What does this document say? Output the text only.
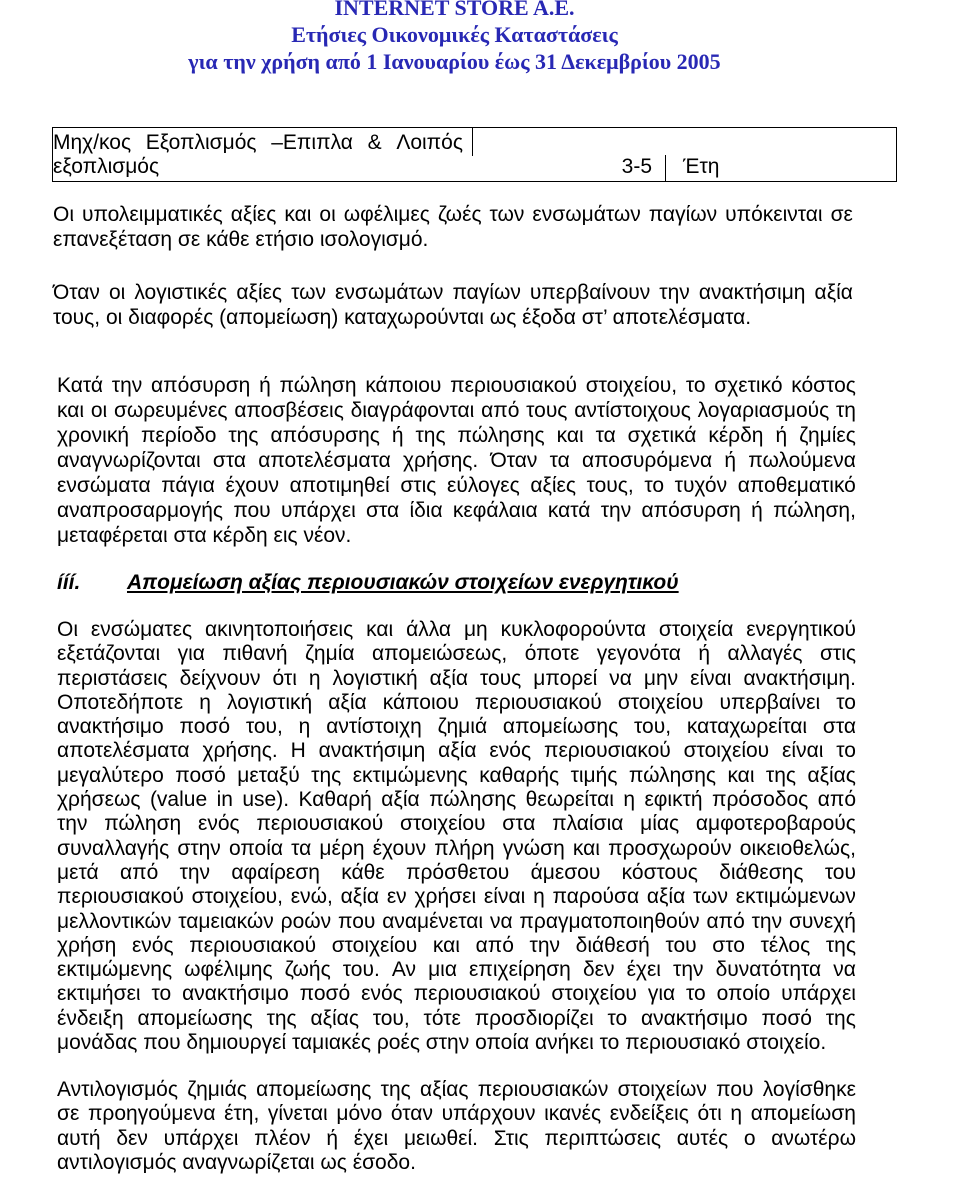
INTERNET STORE A.E.
Ετήσιες Οικονομικές Καταστάσεις
για την χρήση από 1 Ιανουαρίου έως 31 Δεκεμβρίου 2005
Μηχ/κος Εξοπλισμός –Επιπλα & Λοιπός
εξοπλισμός	3-5 Έτη
Οι υπολειμματικές αξίες και οι ωφέλιμες ζωές των ενσωμάτων παγίων υπόκεινται σε
επανεξέταση σε κάθε ετήσιο ισολογισμό.
Όταν οι λογιστικές αξίες των ενσωμάτων παγίων υπερβαίνουν την ανακτήσιμη αξία
τους, οι διαφορές (απομείωση) καταχωρούνται ως έξοδα στ’ αποτελέσματα.
Κατά την απόσυρση ή πώληση κάποιου περιουσιακού στοιχείου, το σχετικό κόστος
και οι σωρευμένες αποσβέσεις διαγράφονται από τους αντίστοιχους λογαριασμούς τη
χρονική περίοδο της απόσυρσης ή της πώλησης και τα σχετικά κέρδη ή ζημίες
αναγνωρίζονται στα αποτελέσματα χρήσης. Όταν τα αποσυρόμενα ή πωλούμενα
ενσώματα πάγια έχουν αποτιμηθεί στις εύλογες αξίες τους, το τυχόν αποθεματικό
αναπροσαρμογής που υπάρχει στα ίδια κεφάλαια κατά την απόσυρση ή πώληση,
μεταφέρεται στα κέρδη εις νέον.
ííí. Απομείωση αξίας περιουσιακών στοιχείων ενεργητικού
Οι ενσώματες ακινητοποιήσεις και άλλα μη κυκλοφορούντα στοιχεία ενεργητικού
εξετάζονται για πιθανή ζημία απομειώσεως, όποτε γεγονότα ή αλλαγές στις
περιστάσεις δείχνουν ότι η λογιστική αξία τους μπορεί να μην είναι ανακτήσιμη.
Οποτεδήποτε η λογιστική αξία κάποιου περιουσιακού στοιχείου υπερβαίνει το
ανακτήσιμο ποσό του, η αντίστοιχη ζημιά απομείωσης του, καταχωρείται στα
αποτελέσματα χρήσης. Η ανακτήσιμη αξία ενός περιουσιακού στοιχείου είναι το
μεγαλύτερο ποσό μεταξύ της εκτιμώμενης καθαρής τιμής πώλησης και της αξίας
χρήσεως (value in use). Καθαρή αξία πώλησης θεωρείται η εφικτή πρόσοδος από
την πώληση ενός περιουσιακού στοιχείου στα πλαίσια μίας αμφοτεροβαρούς
συναλλαγής στην οποία τα μέρη έχουν πλήρη γνώση και προσχωρούν οικειοθελώς,
μετά από την αφαίρεση κάθε πρόσθετου άμεσου κόστους διάθεσης του
περιουσιακού στοιχείου, ενώ, αξία εν χρήσει είναι η παρούσα αξία των εκτιμώμενων
μελλοντικών ταμειακών ροών που αναμένεται να πραγματοποιηθούν από την συνεχή
χρήση ενός περιουσιακού στοιχείου και από την διάθεσή του στο τέλος της
εκτιμώμενης ωφέλιμης ζωής του. Αν μια επιχείρηση δεν έχει την δυνατότητα να
εκτιμήσει το ανακτήσιμο ποσό ενός περιουσιακού στοιχείου για το οποίο υπάρχει
ένδειξη απομείωσης της αξίας του, τότε προσδιορίζει το ανακτήσιμο ποσό της
μονάδας που δημιουργεί ταμιακές ροές στην οποία ανήκει το περιουσιακό στοιχείο.
Αντιλογισμός ζημιάς απομείωσης της αξίας περιουσιακών στοιχείων που λογίσθηκε
σε προηγούμενα έτη, γίνεται μόνο όταν υπάρχουν ικανές ενδείξεις ότι η απομείωση
αυτή δεν υπάρχει πλέον ή έχει μειωθεί. Στις περιπτώσεις αυτές ο ανωτέρω
αντιλογισμός αναγνωρίζεται ως έσοδο.
